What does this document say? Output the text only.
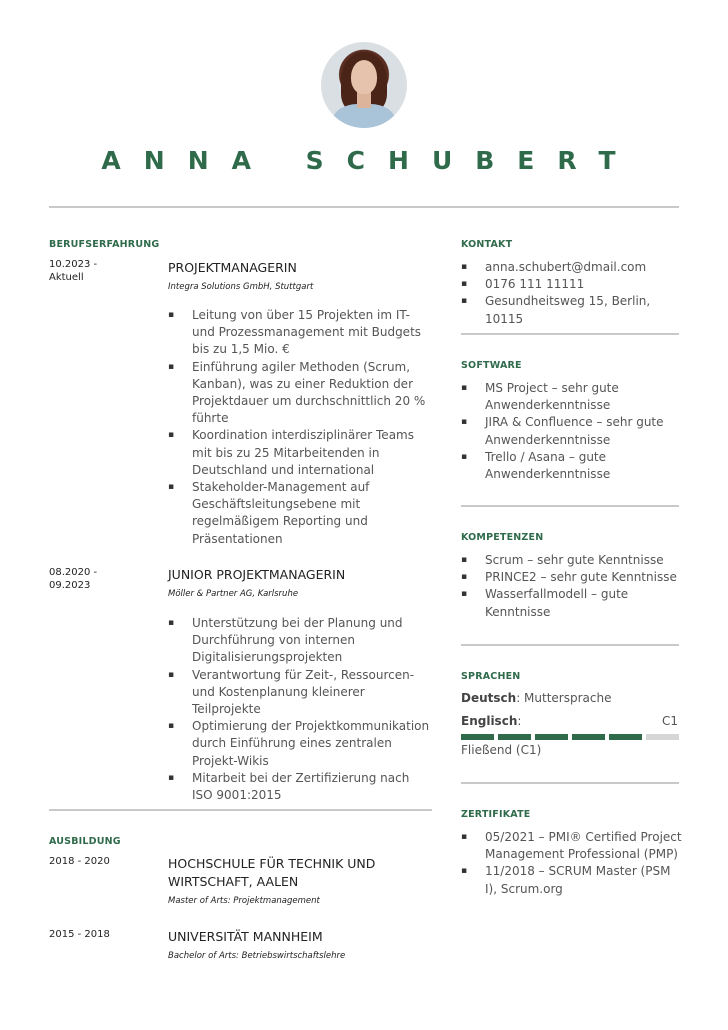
ANNA SCHUBERT
BERUFSERFAHRUNG
10.2023 - Aktuell
PROJEKTMANAGERIN
Integra Solutions GmbH, Stuttgart
▪ Leitung von über 15 Projekten im IT- und Prozessmanagement mit Budgets bis zu 1,5 Mio. €
▪ Einführung agiler Methoden (Scrum, Kanban), was zu einer Reduktion der Projektdauer um durchschnittlich 20 % führte
▪ Koordination interdisziplinärer Teams mit bis zu 25 Mitarbeitenden in Deutschland und international
▪ Stakeholder-Management auf Geschäftsleitungsebene mit regelmäßigem Reporting und Präsentationen
08.2020 - 09.2023
JUNIOR PROJEKTMANAGERIN
Möller & Partner AG, Karlsruhe
▪ Unterstützung bei der Planung und Durchführung von internen Digitalisierungsprojekten
▪ Verantwortung für Zeit-, Ressourcen- und Kostenplanung kleinerer Teilprojekte
▪ Optimierung der Projektkommunikation durch Einführung eines zentralen Projekt-Wikis
▪ Mitarbeit bei der Zertifizierung nach ISO 9001:2015
AUSBILDUNG
2018 - 2020	HOCHSCHULE FÜR TECHNIK UND WIRTSCHAFT, AALEN
Master of Arts: Projektmanagement
2015 - 2018	UNIVERSITÄT MANNHEIM
Bachelor of Arts: Betriebswirtschaftslehre
KONTAKT
▪ anna.schubert@dmail.com
▪ 0176 111 11111
▪ Gesundheitsweg 15, Berlin, 10115
SOFTWARE
▪ MS Project – sehr gute Anwenderkenntnisse
▪ JIRA & Confluence – sehr gute Anwenderkenntnisse
▪ Trello / Asana – gute Anwenderkenntnisse
KOMPETENZEN
▪ Scrum – sehr gute Kenntnisse
▪ PRINCE2 – sehr gute Kenntnisse
▪ Wasserfallmodell – gute Kenntnisse
SPRACHEN
Deutsch: Muttersprache
Englisch:	C1
Fließend (C1)
ZERTIFIKATE
▪ 05/2021 – PMI® Certified Project Management Professional (PMP)
▪ 11/2018 – SCRUM Master (PSM I), Scrum.org
